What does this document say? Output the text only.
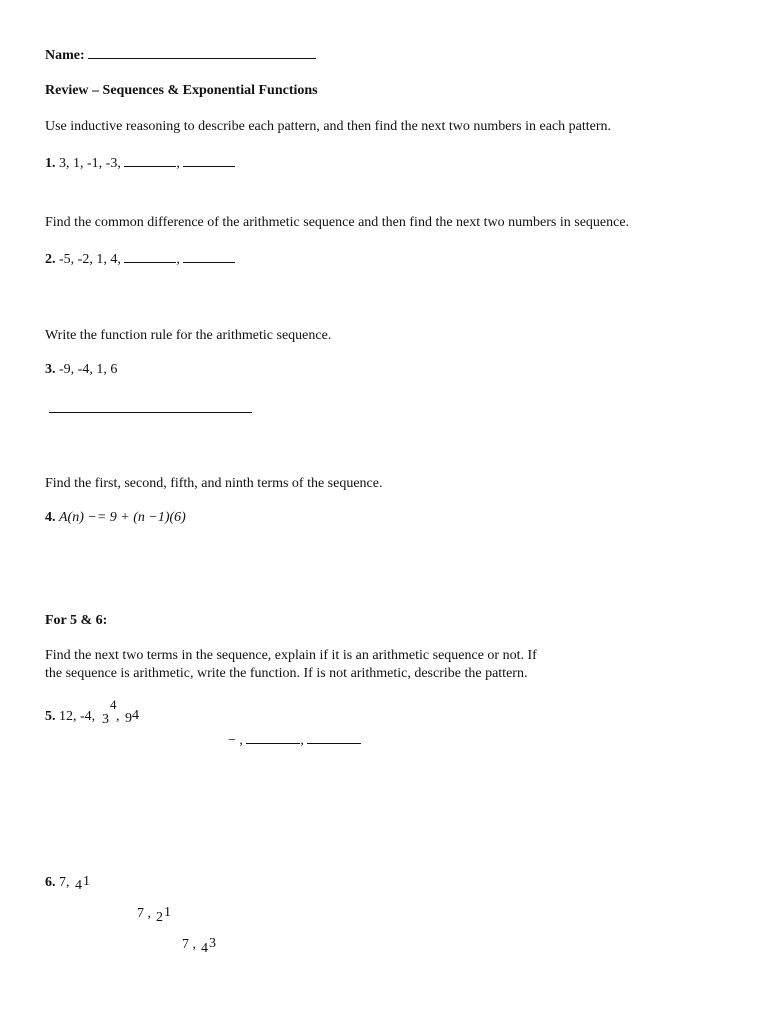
Name:
Review – Sequences & Exponential Functions
Use inductive reasoning to describe each pattern, and then find the next two numbers in each pattern.
1. 3, 1, -1, -3,	,
Find the common difference of the arithmetic sequence and then find the next two numbers in sequence.
2. -5, -2, 1, 4,	,
Write the function rule for the arithmetic sequence.
3. -9, -4, 1, 6
Find the first, second, fifth, and ninth terms of the sequence.
4. A(n) −= 9 + (n −1)(6)
For 5 & 6:
Find the next two terms in the sequence, explain if it is an arithmetic sequence or not. If
the sequence is arithmetic, write the function. If is not arithmetic, describe the pattern.
5. 12, -4,
4
3 , 9 4
− ,	,
6. 7, 4 1
7 , 2 1
7 , 4 3
